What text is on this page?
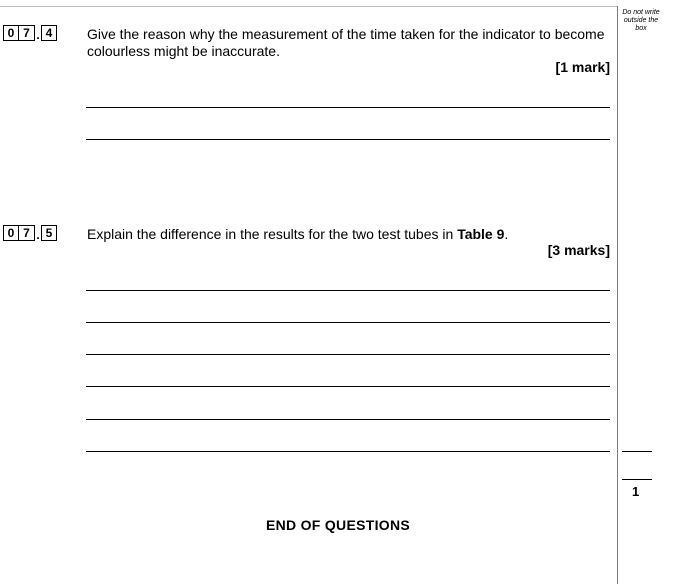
Do not write
outside the
box
0 7 . 4	Give the reason why the measurement of the time taken for the indicator to become colourless might be inaccurate.
[1 mark]
0 7 . 5	Explain the difference in the results for the two test tubes in Table 9.
[3 marks]
END OF QUESTIONS
1
